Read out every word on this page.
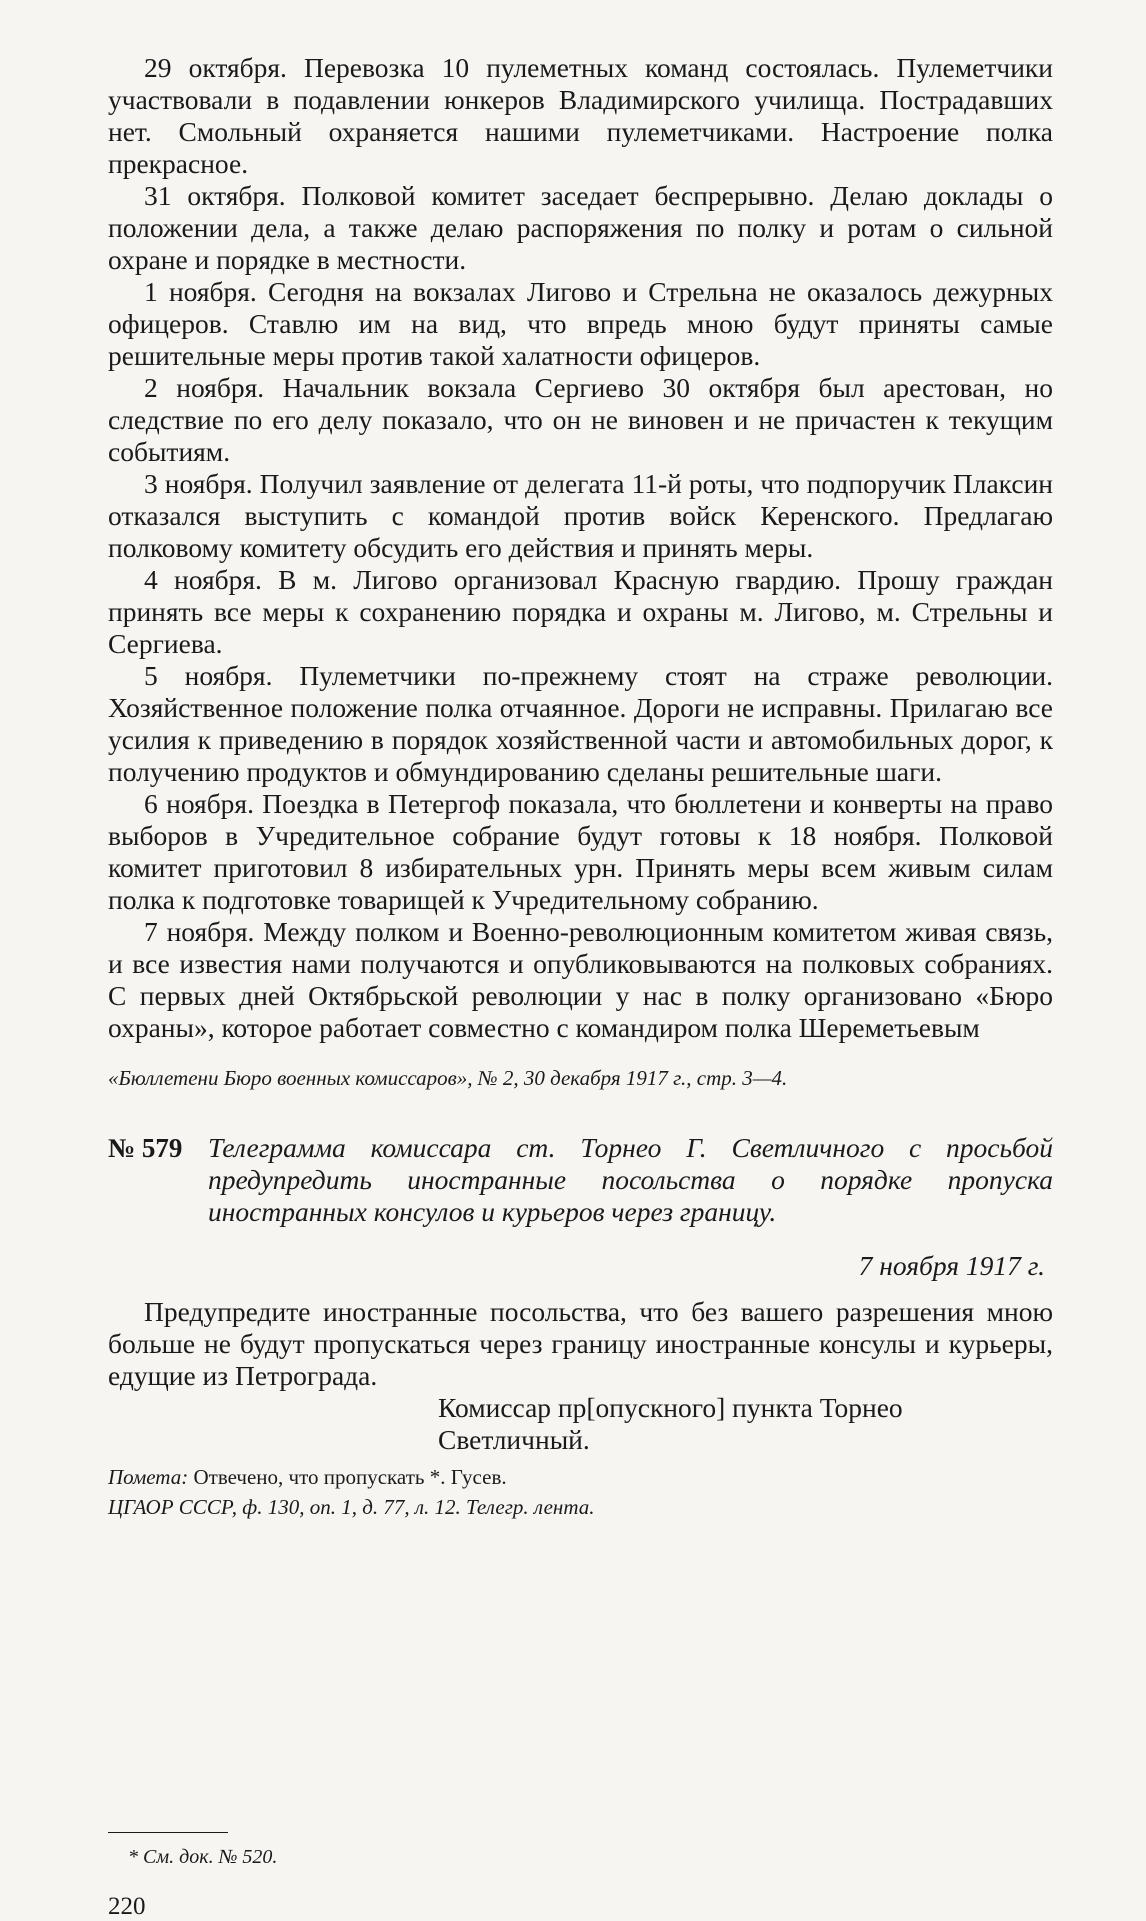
29 октября. Перевозка 10 пулеметных команд состоялась. Пулеметчики участвовали в подавлении юнкеров Владимирского училища. Пострадавших нет. Смольный охраняется нашими пулеметчиками. Настроение полка прекрасное.

31 октября. Полковой комитет заседает беспрерывно. Делаю доклады о положении дела, а также делаю распоряжения по полку и ротам о сильной охране и порядке в местности.

1 ноября. Сегодня на вокзалах Лигово и Стрельна не оказалось дежурных офицеров. Ставлю им на вид, что впредь мною будут приняты самые решительные меры против такой халатности офицеров.

2 ноября. Начальник вокзала Сергиево 30 октября был арестован, но следствие по его делу показало, что он не виновен и не причастен к текущим событиям.

3 ноября. Получил заявление от делегата 11-й роты, что подпоручик Плаксин отказался выступить с командой против войск Керенского. Предлагаю полковому комитету обсудить его действия и принять меры.

4 ноября. В м. Лигово организовал Красную гвардию. Прошу граждан принять все меры к сохранению порядка и охраны м. Лигово, м. Стрельны и Сергиева.

5 ноября. Пулеметчики по-прежнему стоят на страже революции. Хозяйственное положение полка отчаянное. Дороги не исправны. Прилагаю все усилия к приведению в порядок хозяйственной части и автомобильных дорог, к получению продуктов и обмундированию сделаны решительные шаги.

6 ноября. Поездка в Петергоф показала, что бюллетени и конверты на право выборов в Учредительное собрание будут готовы к 18 ноября. Полковой комитет приготовил 8 избирательных урн. Принять меры всем живым силам полка к подготовке товарищей к Учредительному собранию.

7 ноября. Между полком и Военно-революционным комитетом живая связь, и все известия нами получаются и опубликовываются на полковых собраниях. С первых дней Октябрьской революции у нас в полку организовано «Бюро охраны», которое работает совместно с командиром полка Шереметьевым

«Бюллетени Бюро военных комиссаров», № 2, 30 декабря 1917 г., стр. 3—4.

№ 579 Телеграмма комиссара ст. Торнео Г. Светличного с просьбой предупредить иностранные посольства о порядке пропуска иностранных консулов и курьеров через границу.

7 ноября 1917 г.

Предупредите иностранные посольства, что без вашего разрешения мною больше не будут пропускаться через границу иностранные консулы и курьеры, едущие из Петрограда.

Комиссар пр[опускного] пункта Торнео Светличный.

Помета: Отвечено, что пропускать *. Гусев.

ЦГАОР СССР, ф. 130, оп. 1, д. 77, л. 12. Телегр. лента.

* См. док. № 520.

220
